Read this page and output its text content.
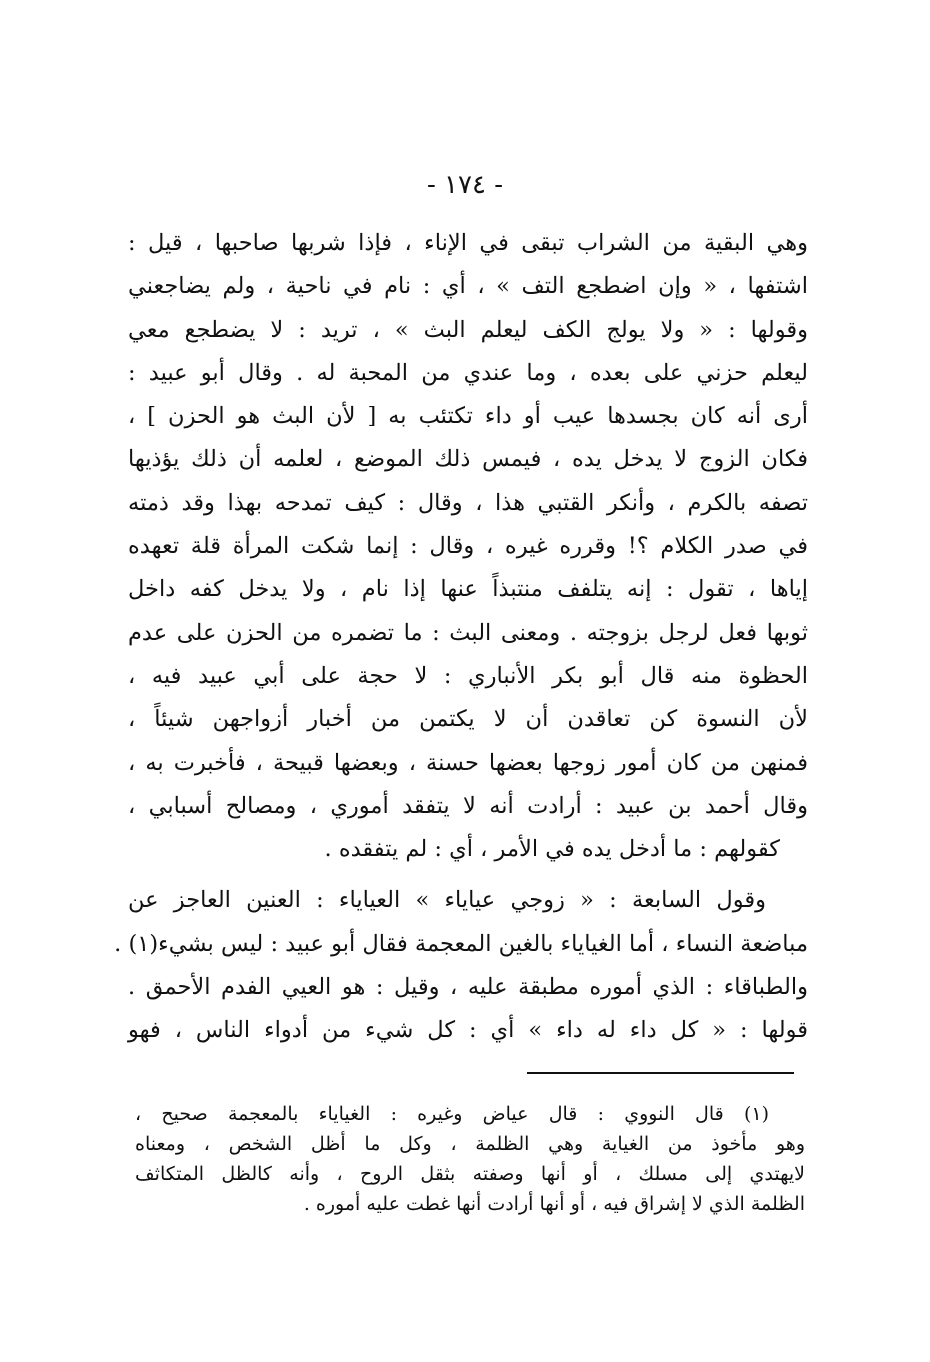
- ١٧٤ -
وهي البقية من الشراب تبقى في الإناء ، فإذا شربها صاحبها ، قيل :
اشتفها ، « وإن اضطجع التف » ، أي : نام في ناحية ، ولم يضاجعني
وقولها : « ولا يولج الكف ليعلم البث » ، تريد : لا يضطجع معي
ليعلم حزني على بعده ، وما عندي من المحبة له . وقال أبو عبيد :
أرى أنه كان بجسدها عيب أو داء تكتئب به [ لأن البث هو الحزن ] ،
فكان الزوج لا يدخل يده ، فيمس ذلك الموضع ، لعلمه أن ذلك يؤذيها
تصفه بالكرم ، وأنكر القتبي هذا ، وقال : كيف تمدحه بهذا وقد ذمته
في صدر الكلام ؟! وقرره غيره ، وقال : إنما شكت المرأة قلة تعهده
إياها ، تقول : إنه يتلفف منتبذاً عنها إذا نام ، ولا يدخل كفه داخل
ثوبها فعل لرجل بزوجته . ومعنى البث : ما تضمره من الحزن على عدم
الحظوة منه قال أبو بكر الأنباري : لا حجة على أبي عبيد فيه ،
لأن النسوة كن تعاقدن أن لا يكتمن من أخبار أزواجهن شيئاً ،
فمنهن من كان أمور زوجها بعضها حسنة ، وبعضها قبيحة ، فأخبرت به ،
وقال أحمد بن عبيد : أرادت أنه لا يتفقد أموري ، ومصالح أسبابي ،
كقولهم : ما أدخل يده في الأمر ، أي : لم يتفقده .
وقول السابعة : « زوجي عياياء » العياياء : العنين العاجز عن
مباضعة النساء ، أما الغياياء بالغين المعجمة فقال أبو عبيد : ليس بشيء(١) .
والطباقاء : الذي أموره مطبقة عليه ، وقيل : هو العيي الفدم الأحمق .
قولها : « كل داء له داء » أي : كل شيء من أدواء الناس ، فهو
(١) قال النووي : قال عياض وغيره : الغياياء بالمعجمة صحيح ،
وهو مأخوذ من الغياية وهي الظلمة ، وكل ما أظل الشخص ، ومعناه
لايهتدي إلى مسلك ، أو أنها وصفته بثقل الروح ، وأنه كالظل المتكاثف
الظلمة الذي لا إشراق فيه ، أو أنها أرادت أنها غطت عليه أموره .
